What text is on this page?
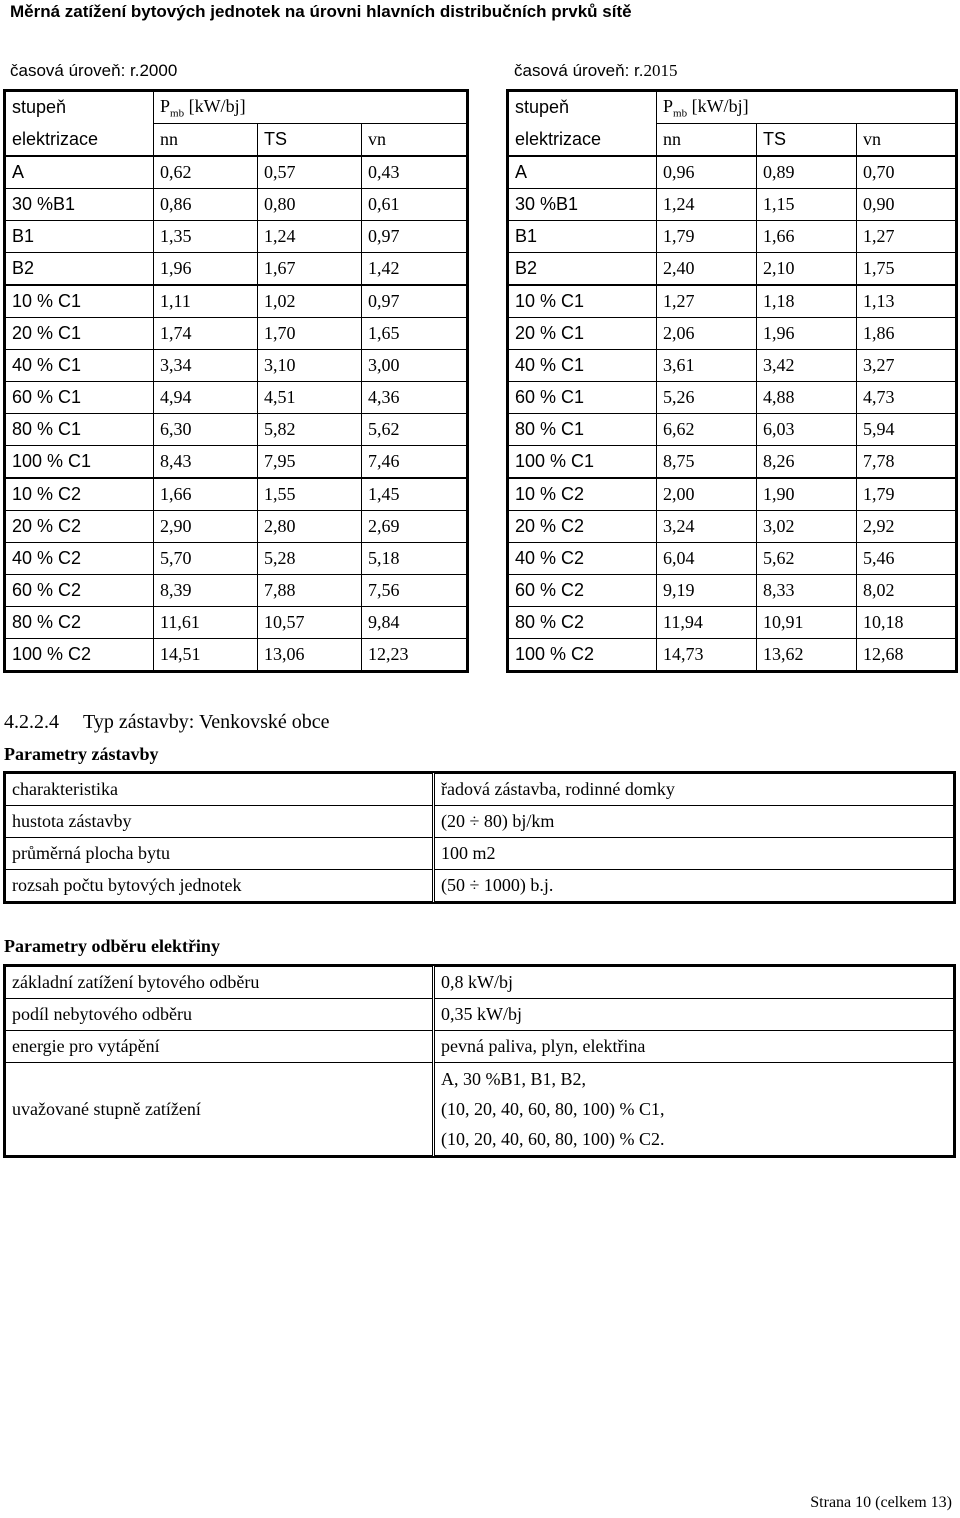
Měrná zatížení bytových jednotek na úrovni hlavních distribučních prvků sítě
časová úroveň: r.2000	časová úroveň: r.2015
stupeň	$P_{mb}$ [kW/bj]		
elektrizace	nn	TS	vn
A	0,62	0,57	0,43
30 %B1	0,86	0,80	0,61
B1	1,35	1,24	0,97
B2	1,96	1,67	1,42
10 % C1	1,11	1,02	0,97
20 % C1	1,74	1,70	1,65
40 % C1	3,34	3,10	3,00
60 % C1	4,94	4,51	4,36
80 % C1	6,30	5,82	5,62
100 % C1	8,43	7,95	7,46
10 % C2	1,66	1,55	1,45
20 % C2	2,90	2,80	2,69
40 % C2	5,70	5,28	5,18
60 % C2	8,39	7,88	7,56
80 % C2	11,61	10,57	9,84
100 % C2	14,51	13,06	12,23
stupeň	$P_{mb}$ [kW/bj]		
elektrizace	nn	TS	vn
A	0,96	0,89	0,70
30 %B1	1,24	1,15	0,90
B1	1,79	1,66	1,27
B2	2,40	2,10	1,75
10 % C1	1,27	1,18	1,13
20 % C1	2,06	1,96	1,86
40 % C1	3,61	3,42	3,27
60 % C1	5,26	4,88	4,73
80 % C1	6,62	6,03	5,94
100 % C1	8,75	8,26	7,78
10 % C2	2,00	1,90	1,79
20 % C2	3,24	3,02	2,92
40 % C2	6,04	5,62	5,46
60 % C2	9,19	8,33	8,02
80 % C2	11,94	10,91	10,18
100 % C2	14,73	13,62	12,68
4.2.2.4 Typ zástavby: Venkovské obce
Parametry zástavby
charakteristika	řadová zástavba, rodinné domky
hustota zástavby	(20 ÷ 80) bj/km
průměrná plocha bytu	100 m2
rozsah počtu bytových jednotek	(50 ÷ 1000) b.j.
Parametry odběru elektřiny
základní zatížení bytového odběru	0,8 kW/bj
podíl nebytového odběru	0,35 kW/bj
energie pro vytápění	pevná paliva, plyn, elektřina
uvažované stupně zatížení	A, 30 %B1, B1, B2,
(10, 20, 40, 60, 80, 100) % C1,
(10, 20, 40, 60, 80, 100) % C2.
Strana 10 (celkem 13)
